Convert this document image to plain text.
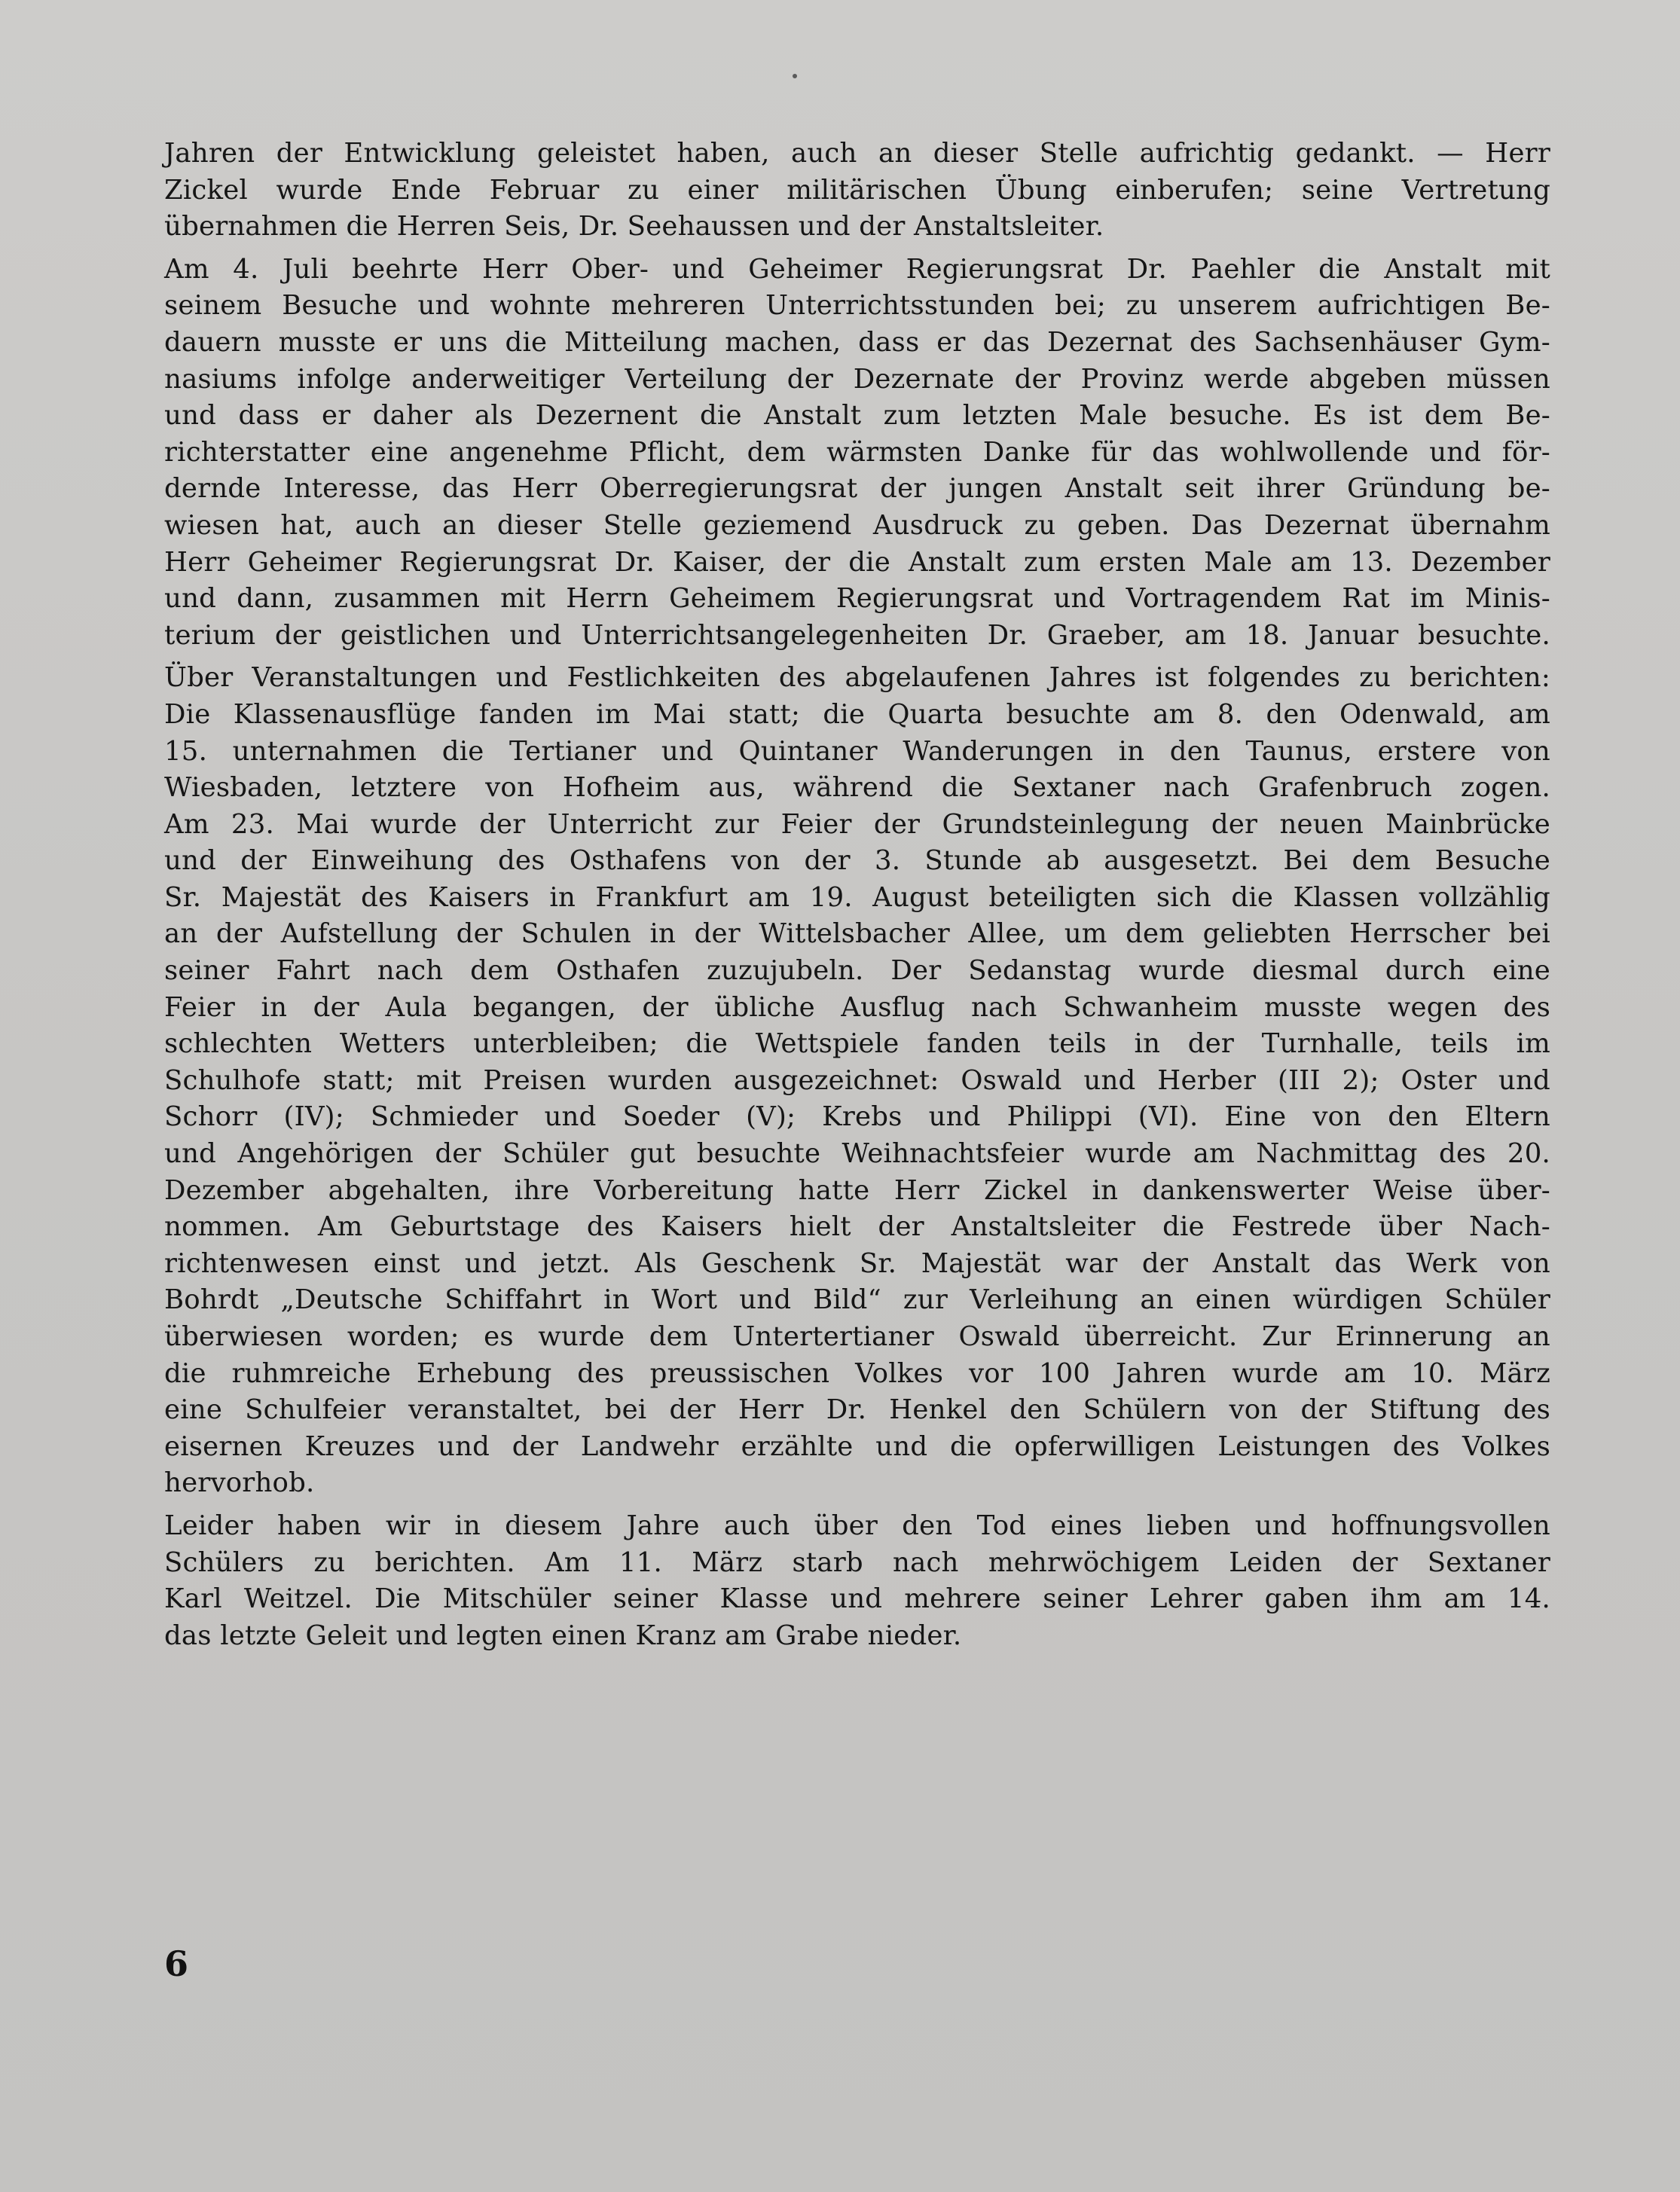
Jahren der Entwicklung geleistet haben, auch an dieser Stelle aufrichtig gedankt. — Herr
Zickel wurde Ende Februar zu einer militärischen Übung einberufen; seine Vertretung
übernahmen die Herren Seis, Dr. Seehaussen und der Anstaltsleiter.
Am 4. Juli beehrte Herr Ober- und Geheimer Regierungsrat Dr. Paehler die Anstalt mit
seinem Besuche und wohnte mehreren Unterrichtsstunden bei; zu unserem aufrichtigen Be-
dauern musste er uns die Mitteilung machen, dass er das Dezernat des Sachsenhäuser Gym-
nasiums infolge anderweitiger Verteilung der Dezernate der Provinz werde abgeben müssen
und dass er daher als Dezernent die Anstalt zum letzten Male besuche. Es ist dem Be-
richterstatter eine angenehme Pflicht, dem wärmsten Danke für das wohlwollende und för-
dernde Interesse, das Herr Oberregierungsrat der jungen Anstalt seit ihrer Gründung be-
wiesen hat, auch an dieser Stelle geziemend Ausdruck zu geben. Das Dezernat übernahm
Herr Geheimer Regierungsrat Dr. Kaiser, der die Anstalt zum ersten Male am 13. Dezember
und dann, zusammen mit Herrn Geheimem Regierungsrat und Vortragendem Rat im Minis-
terium der geistlichen und Unterrichtsangelegenheiten Dr. Graeber, am 18. Januar besuchte.
Über Veranstaltungen und Festlichkeiten des abgelaufenen Jahres ist folgendes zu berichten:
Die Klassenausflüge fanden im Mai statt; die Quarta besuchte am 8. den Odenwald, am
15. unternahmen die Tertianer und Quintaner Wanderungen in den Taunus, erstere von
Wiesbaden, letztere von Hofheim aus, während die Sextaner nach Grafenbruch zogen.
Am 23. Mai wurde der Unterricht zur Feier der Grundsteinlegung der neuen Mainbrücke
und der Einweihung des Osthafens von der 3. Stunde ab ausgesetzt. Bei dem Besuche
Sr. Majestät des Kaisers in Frankfurt am 19. August beteiligten sich die Klassen vollzählig
an der Aufstellung der Schulen in der Wittelsbacher Allee, um dem geliebten Herrscher bei
seiner Fahrt nach dem Osthafen zuzujubeln. Der Sedanstag wurde diesmal durch eine
Feier in der Aula begangen, der übliche Ausflug nach Schwanheim musste wegen des
schlechten Wetters unterbleiben; die Wettspiele fanden teils in der Turnhalle, teils im
Schulhofe statt; mit Preisen wurden ausgezeichnet: Oswald und Herber (III 2); Oster und
Schorr (IV); Schmieder und Soeder (V); Krebs und Philippi (VI). Eine von den Eltern
und Angehörigen der Schüler gut besuchte Weihnachtsfeier wurde am Nachmittag des 20.
Dezember abgehalten, ihre Vorbereitung hatte Herr Zickel in dankenswerter Weise über-
nommen. Am Geburtstage des Kaisers hielt der Anstaltsleiter die Festrede über Nach-
richtenwesen einst und jetzt. Als Geschenk Sr. Majestät war der Anstalt das Werk von
Bohrdt „Deutsche Schiffahrt in Wort und Bild“ zur Verleihung an einen würdigen Schüler
überwiesen worden; es wurde dem Untertertianer Oswald überreicht. Zur Erinnerung an
die ruhmreiche Erhebung des preussischen Volkes vor 100 Jahren wurde am 10. März
eine Schulfeier veranstaltet, bei der Herr Dr. Henkel den Schülern von der Stiftung des
eisernen Kreuzes und der Landwehr erzählte und die opferwilligen Leistungen des Volkes
hervorhob.
Leider haben wir in diesem Jahre auch über den Tod eines lieben und hoffnungsvollen
Schülers zu berichten. Am 11. März starb nach mehrwöchigem Leiden der Sextaner
Karl Weitzel. Die Mitschüler seiner Klasse und mehrere seiner Lehrer gaben ihm am 14.
das letzte Geleit und legten einen Kranz am Grabe nieder.
6
